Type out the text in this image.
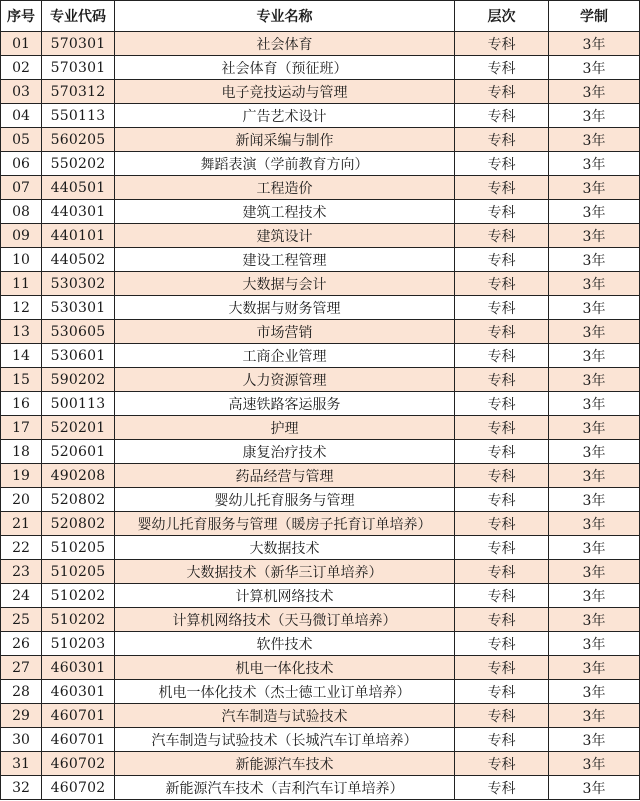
序号	专业代码	专业名称	层次	学制
01	570301	社会体育	专科	3年
02	570301	社会体育（预征班）	专科	3年
03	570312	电子竞技运动与管理	专科	3年
04	550113	广告艺术设计	专科	3年
05	560205	新闻采编与制作	专科	3年
06	550202	舞蹈表演（学前教育方向）	专科	3年
07	440501	工程造价	专科	3年
08	440301	建筑工程技术	专科	3年
09	440101	建筑设计	专科	3年
10	440502	建设工程管理	专科	3年
11	530302	大数据与会计	专科	3年
12	530301	大数据与财务管理	专科	3年
13	530605	市场营销	专科	3年
14	530601	工商企业管理	专科	3年
15	590202	人力资源管理	专科	3年
16	500113	高速铁路客运服务	专科	3年
17	520201	护理	专科	3年
18	520601	康复治疗技术	专科	3年
19	490208	药品经营与管理	专科	3年
20	520802	婴幼儿托育服务与管理	专科	3年
21	520802	婴幼儿托育服务与管理（暖房子托育订单培养）	专科	3年
22	510205	大数据技术	专科	3年
23	510205	大数据技术（新华三订单培养）	专科	3年
24	510202	计算机网络技术	专科	3年
25	510202	计算机网络技术（天马微订单培养）	专科	3年
26	510203	软件技术	专科	3年
27	460301	机电一体化技术	专科	3年
28	460301	机电一体化技术（杰士德工业订单培养）	专科	3年
29	460701	汽车制造与试验技术	专科	3年
30	460701	汽车制造与试验技术（长城汽车订单培养）	专科	3年
31	460702	新能源汽车技术	专科	3年
32	460702	新能源汽车技术（吉利汽车订单培养）	专科	3年
